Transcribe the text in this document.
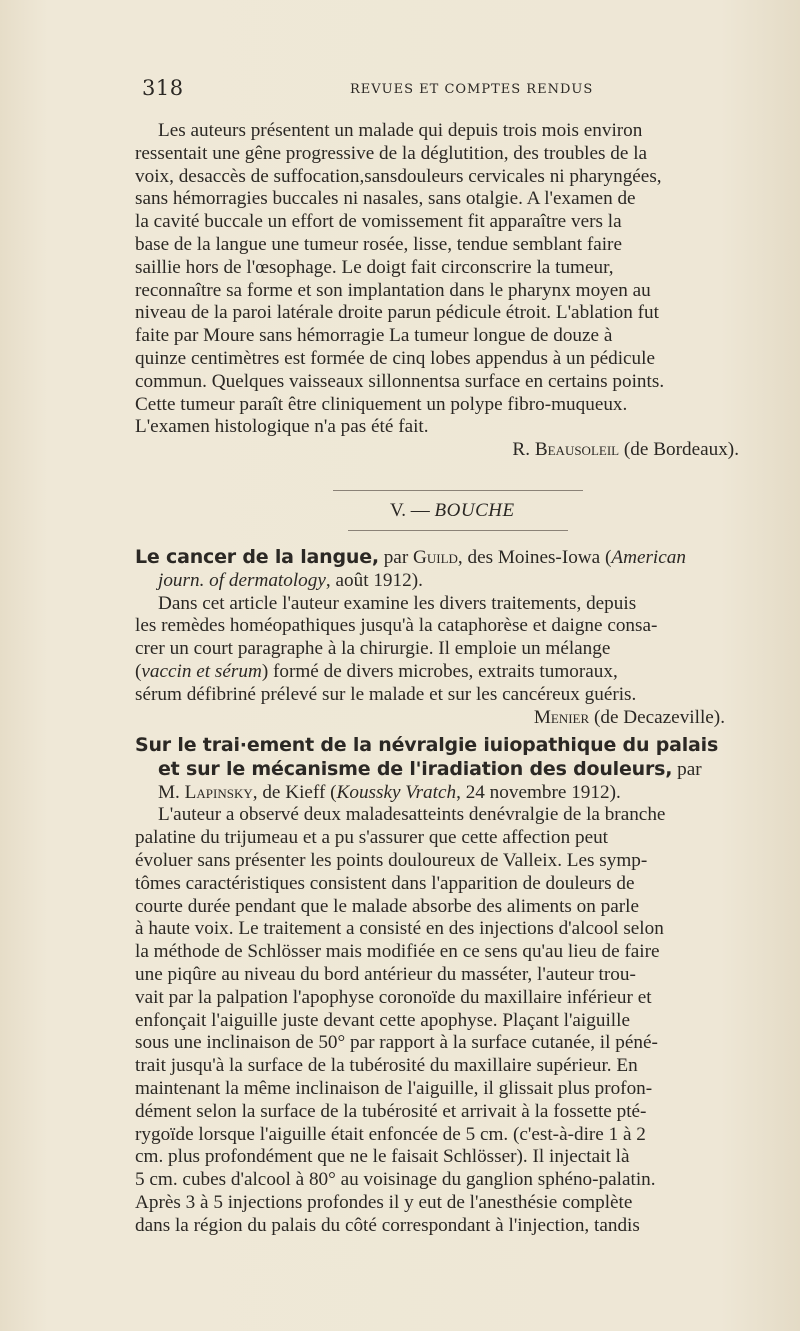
318	REVUES ET COMPTES RENDUS

Les auteurs présentent un malade qui depuis trois mois environ

ressentait une gêne progressive de la déglutition, des troubles de la

voix, desaccès de suffocation,sansdouleurs cervicales ni pharyngées,

sans hémorragies buccales ni nasales, sans otalgie. A l'examen de

la cavité buccale un effort de vomissement fit apparaître vers la

base de la langue une tumeur rosée, lisse, tendue semblant faire

saillie hors de l'œsophage. Le doigt fait circonscrire la tumeur,

reconnaître sa forme et son implantation dans le pharynx moyen au

niveau de la paroi latérale droite parun pédicule étroit. L'ablation fut

faite par Moure sans hémorragie La tumeur longue de douze à

quinze centimètres est formée de cinq lobes appendus à un pédicule

commun. Quelques vaisseaux sillonnentsa surface en certains points.

Cette tumeur paraît être cliniquement un polype fibro-muqueux.

L'examen histologique n'a pas été fait.

R. Beausoleil (de Bordeaux).
V. — BOUCHE

Le cancer de la langue, par Guild, des Moines-Iowa (American

journ. of dermatology, août 1912).

Dans cet article l'auteur examine les divers traitements, depuis

les remèdes homéopathiques jusqu'à la cataphorèse et daigne consa-

crer un court paragraphe à la chirurgie. Il emploie un mélange

(vaccin et sérum) formé de divers microbes, extraits tumoraux,

sérum défibriné prélevé sur le malade et sur les cancéreux guéris.

Menier (de Decazeville).

Sur le trai·ement de la névralgie iuiopathique du palais

et sur le mécanisme de l'iradiation des douleurs, par

M. Lapinsky, de Kieff (Koussky Vratch, 24 novembre 1912).

L'auteur a observé deux maladesatteints denévralgie de la branche

palatine du trijumeau et a pu s'assurer que cette affection peut

évoluer sans présenter les points douloureux de Valleix. Les symp-

tômes caractéristiques consistent dans l'apparition de douleurs de

courte durée pendant que le malade absorbe des aliments on parle

à haute voix. Le traitement a consisté en des injections d'alcool selon

la méthode de Schlösser mais modifiée en ce sens qu'au lieu de faire

une piqûre au niveau du bord antérieur du masséter, l'auteur trou-

vait par la palpation l'apophyse coronoïde du maxillaire inférieur et

enfonçait l'aiguille juste devant cette apophyse. Plaçant l'aiguille

sous une inclinaison de 50° par rapport à la surface cutanée, il péné-

trait jusqu'à la surface de la tubérosité du maxillaire supérieur. En

maintenant la même inclinaison de l'aiguille, il glissait plus profon-

dément selon la surface de la tubérosité et arrivait à la fossette pté-

rygoïde lorsque l'aiguille était enfoncée de 5 cm. (c'est-à-dire 1 à 2

cm. plus profondément que ne le faisait Schlösser). Il injectait là

5 cm. cubes d'alcool à 80° au voisinage du ganglion sphéno-palatin.

Après 3 à 5 injections profondes il y eut de l'anesthésie complète

dans la région du palais du côté correspondant à l'injection, tandis
